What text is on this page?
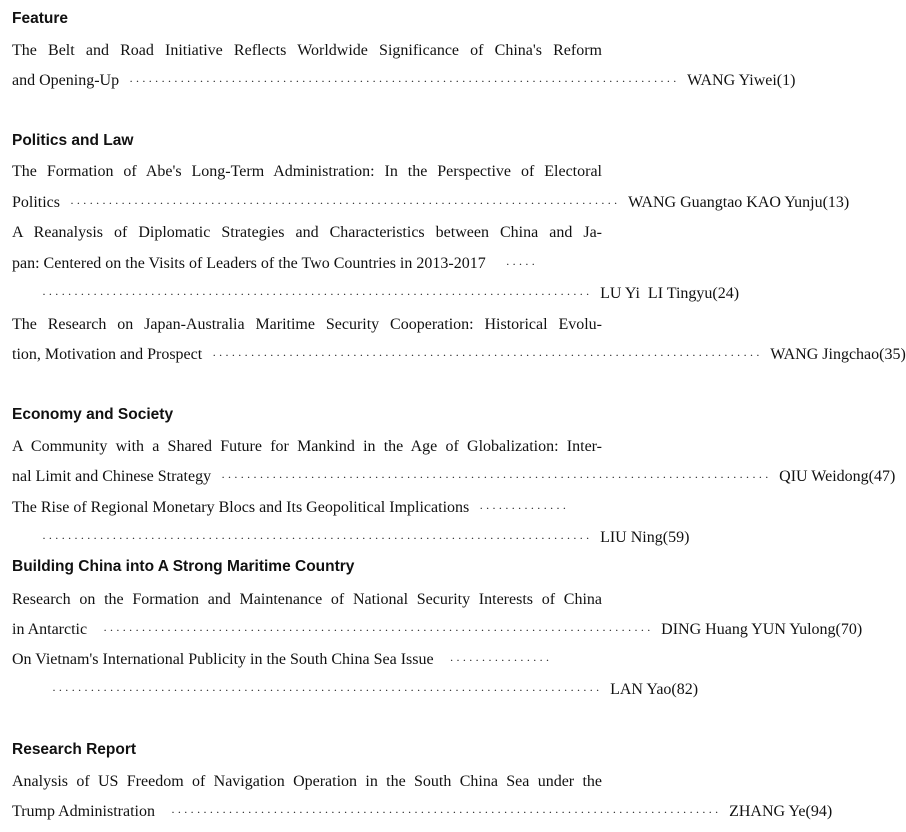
Feature
The Belt and Road Initiative Reflects Worldwide Significance of China's Reform
and Opening-Up ······················································································ WANG Yiwei(1)
Politics and Law
The Formation of Abe's Long-Term Administration: In the Perspective of Electoral
Politics ······················································································ WANG Guangtao KAO Yunju(13)
A Reanalysis of Diplomatic Strategies and Characteristics between China and Ja-
pan: Centered on the Visits of Leaders of the Two Countries in 2013-2017 ·····
······················································································ LU Yi  LI Tingyu(24)
The Research on Japan-Australia Maritime Security Cooperation: Historical Evolu-
tion, Motivation and Prospect ······················································································ WANG Jingchao(35)
Economy and Society
A Community with a Shared Future for Mankind in the Age of Globalization: Inter-
nal Limit and Chinese Strategy ······················································································ QIU Weidong(47)
The Rise of Regional Monetary Blocs and Its Geopolitical Implications ··············
······················································································ LIU Ning(59)
Building China into A Strong Maritime Country
Research on the Formation and Maintenance of National Security Interests of China
in Antarctic ······················································································ DING Huang YUN Yulong(70)
On Vietnam's International Publicity in the South China Sea Issue ················
······················································································ LAN Yao(82)
Research Report
Analysis of US Freedom of Navigation Operation in the South China Sea under the
Trump Administration ······················································································ ZHANG Ye(94)
